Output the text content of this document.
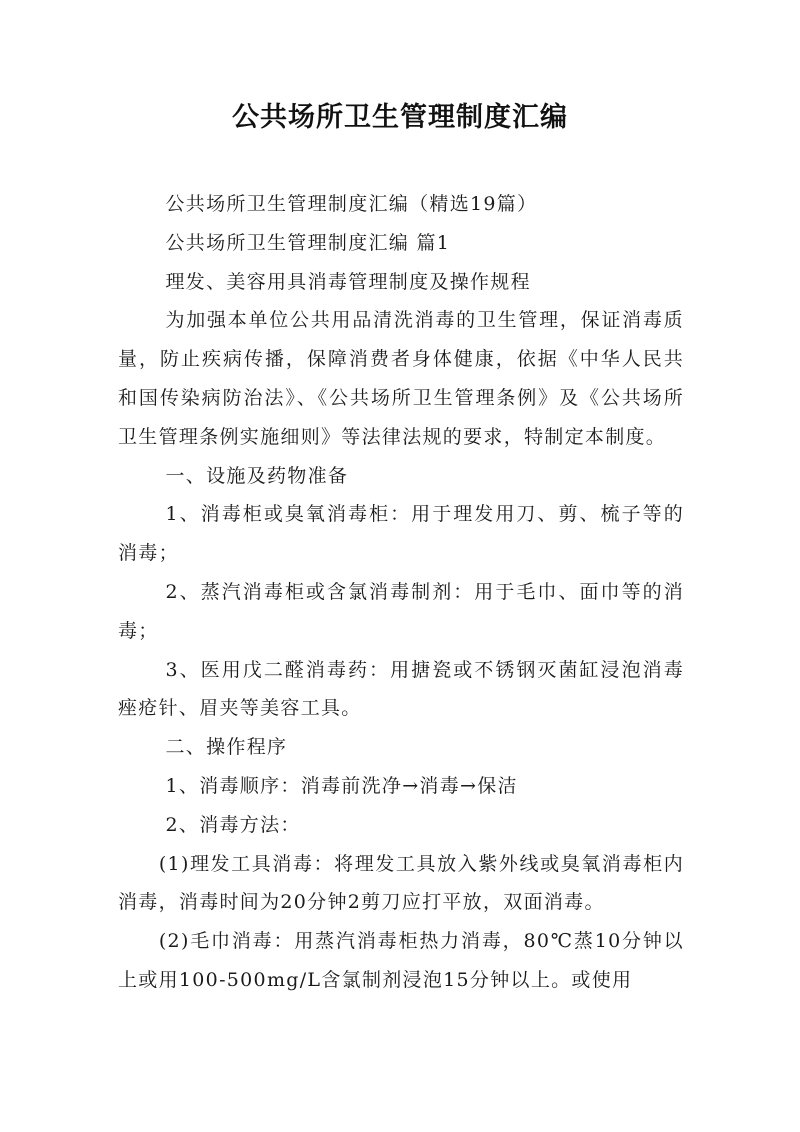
公共场所卫生管理制度汇编

公共场所卫生管理制度汇编（精选19篇）

公共场所卫生管理制度汇编 篇1

理发、美容用具消毒管理制度及操作规程

为加强本单位公共用品清洗消毒的卫生管理，保证消毒质量，防止疾病传播，保障消费者身体健康，依据《中华人民共和国传染病防治法》、《公共场所卫生管理条例》及《公共场所卫生管理条例实施细则》等法律法规的要求，特制定本制度。

一、设施及药物准备

1、消毒柜或臭氧消毒柜：用于理发用刀、剪、梳子等的消毒；

2、蒸汽消毒柜或含氯消毒制剂：用于毛巾、面巾等的消毒；

3、医用戊二醛消毒药：用搪瓷或不锈钢灭菌缸浸泡消毒痤疮针、眉夹等美容工具。

二、操作程序

1、消毒顺序：消毒前洗净→消毒→保洁

2、消毒方法：

(1)理发工具消毒：将理发工具放入紫外线或臭氧消毒柜内消毒，消毒时间为20分钟2剪刀应打平放，双面消毒。

(2)毛巾消毒：用蒸汽消毒柜热力消毒，80℃蒸10分钟以上或用100-500mg/L含氯制剂浸泡15分钟以上。或使用
